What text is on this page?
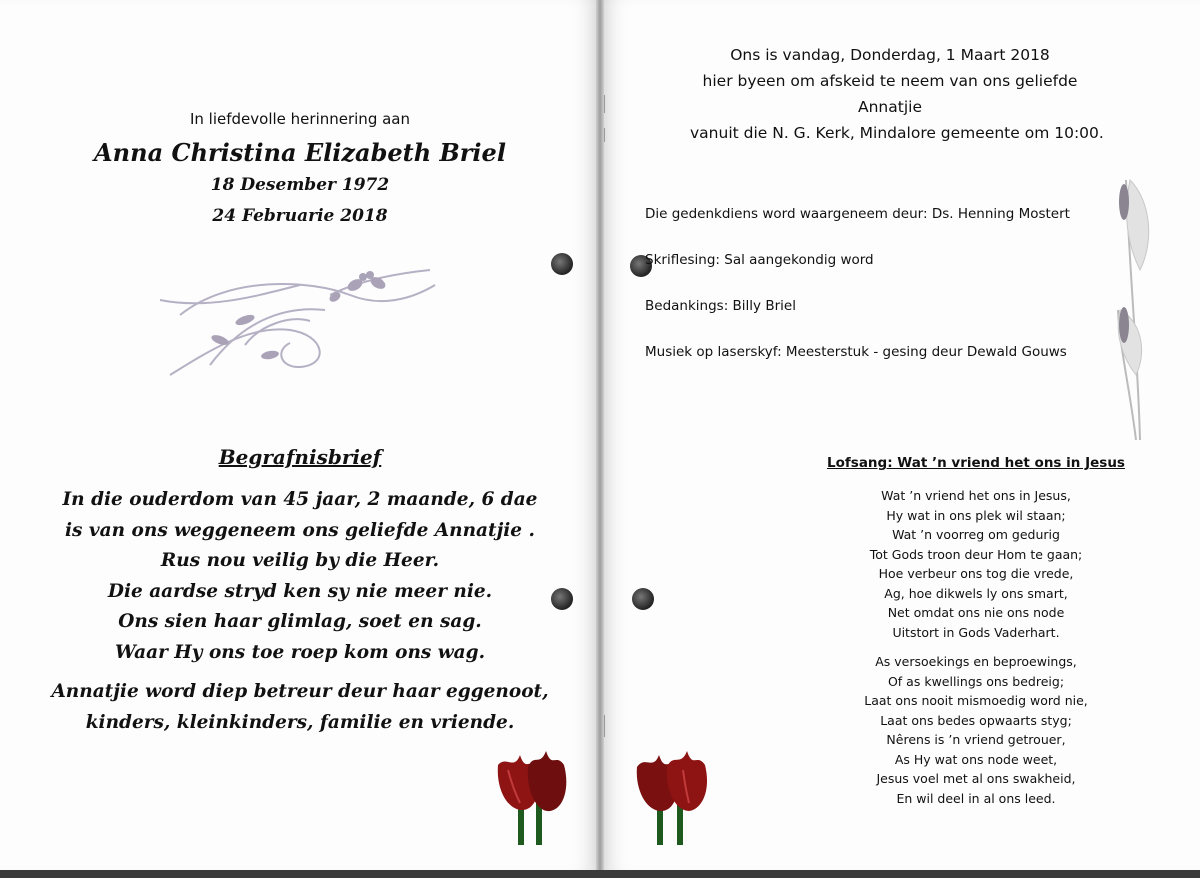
In liefdevolle herinnering aan
Anna Christina Elizabeth Briel
18 Desember 1972
24 Februarie 2018
Begrafnisbrief
In die ouderdom van 45 jaar, 2 maande, 6 dae
is van ons weggeneem ons geliefde Annatjie .
Rus nou veilig by die Heer.
Die aardse stryd ken sy nie meer nie.
Ons sien haar glimlag, soet en sag.
Waar Hy ons toe roep kom ons wag.
Annatjie word diep betreur deur haar eggenoot,
kinders, kleinkinders, familie en vriende.
Ons is vandag, Donderdag, 1 Maart 2018
hier byeen om afskeid te neem van ons geliefde
Annatjie
vanuit die N. G. Kerk, Mindalore gemeente om 10:00.
Die gedenkdiens word waargeneem deur: Ds. Henning Mostert
Skriflesing: Sal aangekondig word
Bedankings: Billy Briel
Musiek op laserskyf: Meesterstuk - gesing deur Dewald Gouws
Lofsang: Wat ’n vriend het ons in Jesus
Wat ’n vriend het ons in Jesus,
Hy wat in ons plek wil staan;
Wat ’n voorreg om gedurig
Tot Gods troon deur Hom te gaan;
Hoe verbeur ons tog die vrede,
Ag, hoe dikwels ly ons smart,
Net omdat ons nie ons node
Uitstort in Gods Vaderhart.
As versoekings en beproewings,
Of as kwellings ons bedreig;
Laat ons nooit mismoedig word nie,
Laat ons bedes opwaarts styg;
Nêrens is ’n vriend getrouer,
As Hy wat ons node weet,
Jesus voel met al ons swakheid,
En wil deel in al ons leed.
